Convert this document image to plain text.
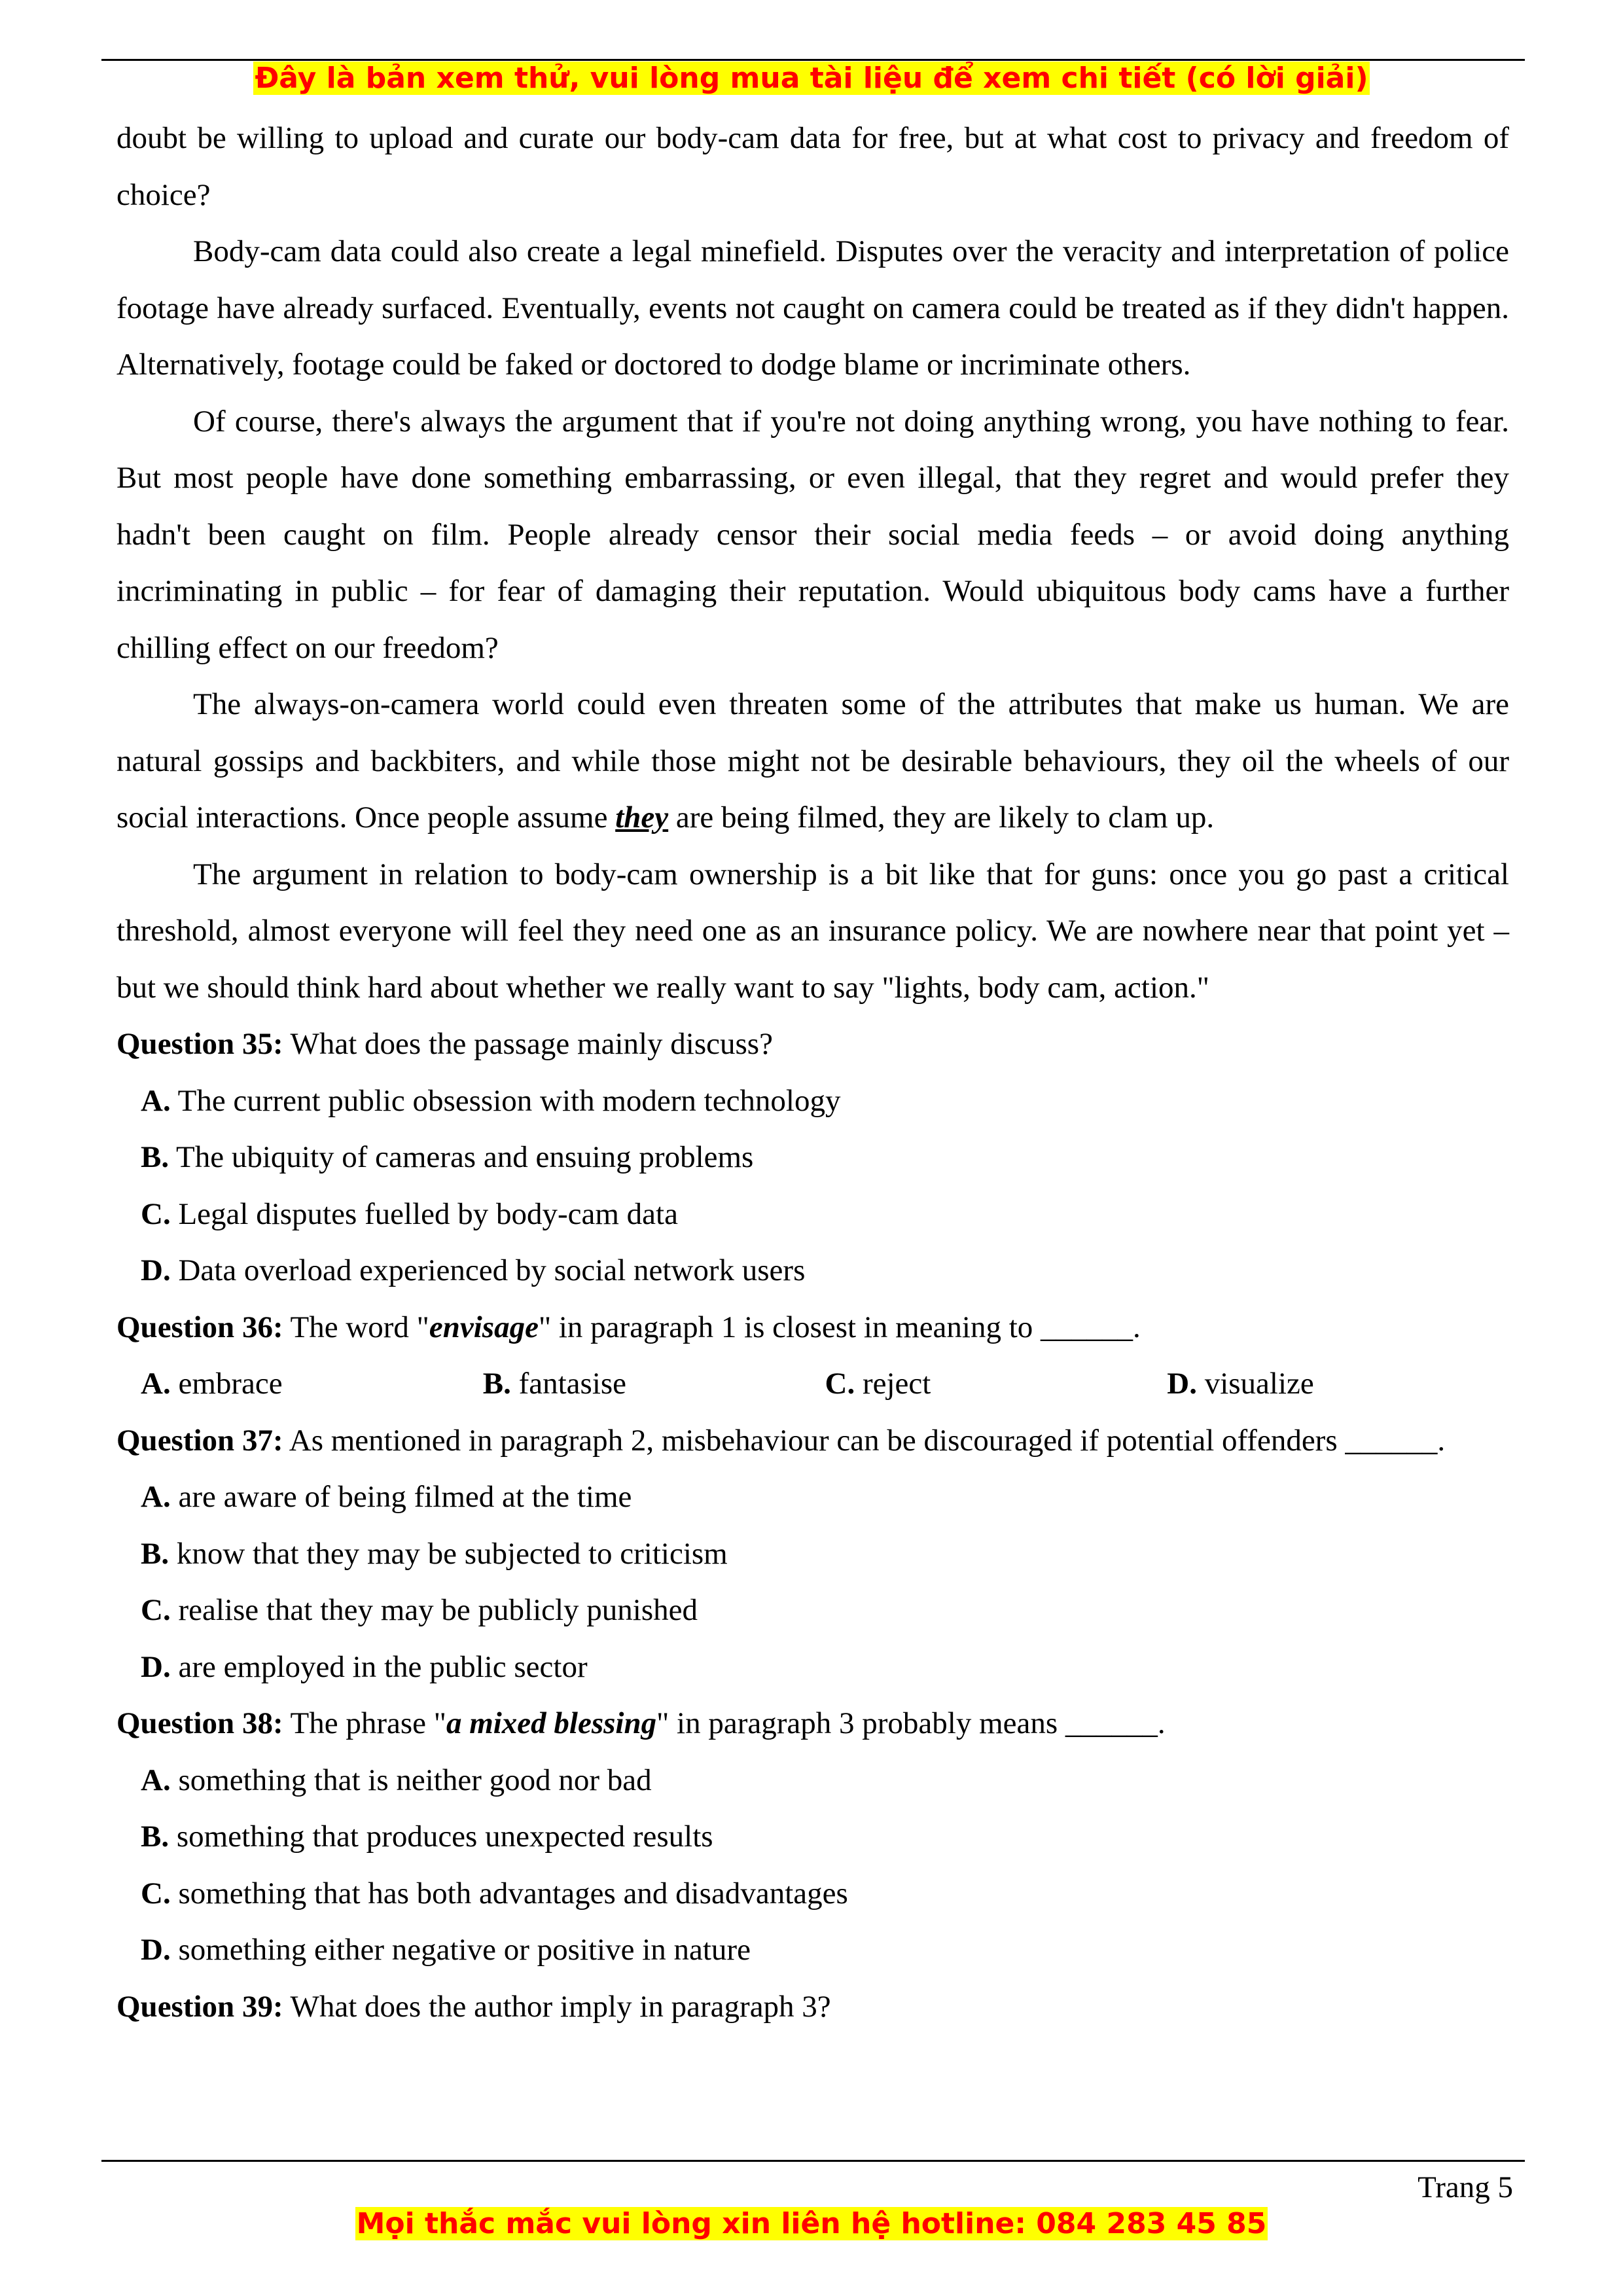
Đây là bản xem thử, vui lòng mua tài liệu để xem chi tiết (có lời giải)

doubt be willing to upload and curate our body-cam data for free, but at what cost to privacy and freedom of choice?

Body-cam data could also create a legal minefield. Disputes over the veracity and interpretation of police footage have already surfaced. Eventually, events not caught on camera could be treated as if they didn't happen. Alternatively, footage could be faked or doctored to dodge blame or incriminate others.

Of course, there's always the argument that if you're not doing anything wrong, you have nothing to fear. But most people have done something embarrassing, or even illegal, that they regret and would prefer they hadn't been caught on film. People already censor their social media feeds – or avoid doing anything incriminating in public – for fear of damaging their reputation. Would ubiquitous body cams have a further chilling effect on our freedom?

The always-on-camera world could even threaten some of the attributes that make us human. We are natural gossips and backbiters, and while those might not be desirable behaviours, they oil the wheels of our social interactions. Once people assume they are being filmed, they are likely to clam up.

The argument in relation to body-cam ownership is a bit like that for guns: once you go past a critical threshold, almost everyone will feel they need one as an insurance policy. We are nowhere near that point yet – but we should think hard about whether we really want to say "lights, body cam, action."

Question 35: What does the passage mainly discuss?
A. The current public obsession with modern technology
B. The ubiquity of cameras and ensuing problems
C. Legal disputes fuelled by body-cam data
D. Data overload experienced by social network users
Question 36: The word "envisage" in paragraph 1 is closest in meaning to ______.
A. embrace	B. fantasise	C. reject	D. visualize
Question 37: As mentioned in paragraph 2, misbehaviour can be discouraged if potential offenders ______.
A. are aware of being filmed at the time
B. know that they may be subjected to criticism
C. realise that they may be publicly punished
D. are employed in the public sector
Question 38: The phrase "a mixed blessing" in paragraph 3 probably means ______.
A. something that is neither good nor bad
B. something that produces unexpected results
C. something that has both advantages and disadvantages
D. something either negative or positive in nature
Question 39: What does the author imply in paragraph 3?
Trang 5
Mọi thắc mắc vui lòng xin liên hệ hotline: 084 283 45 85
